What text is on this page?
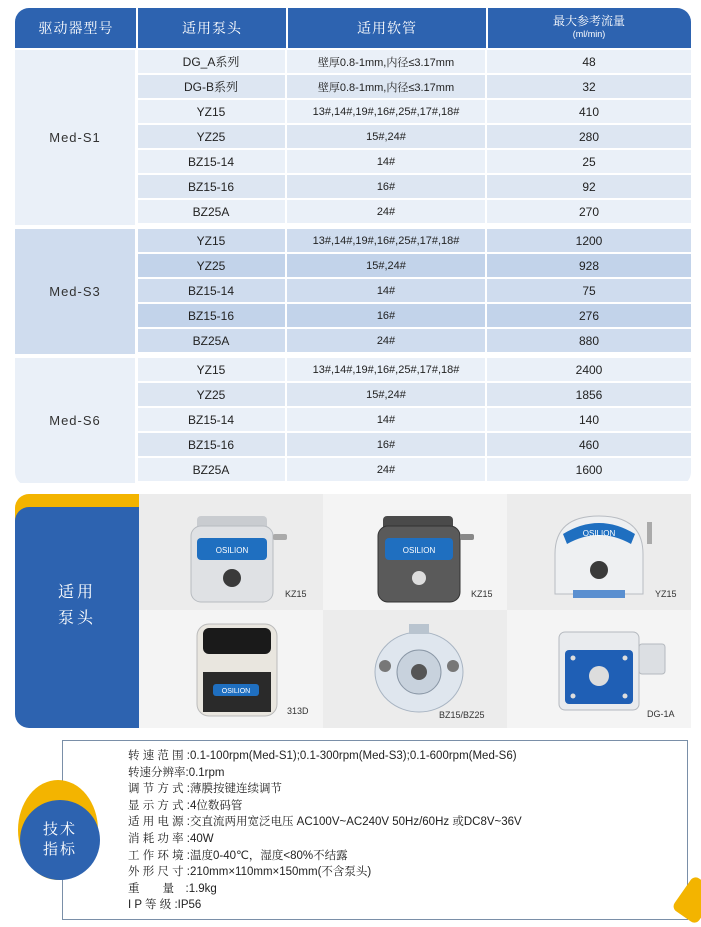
驱动器型号	适用泵头	适用软管	最大参考流量
(ml/min)
Med-S1
DG_A系列	壁厚0.8-1mm,内径≤3.17mm	48
DG-B系列	壁厚0.8-1mm,内径≤3.17mm	32
YZ15	13#,14#,19#,16#,25#,17#,18#	410
YZ25	15#,24#	280
BZ15-14	14#	25
BZ15-16	16#	92
BZ25A	24#	270
Med-S3
YZ15	13#,14#,19#,16#,25#,17#,18#	1200
YZ25	15#,24#	928
BZ15-14	14#	75
BZ15-16	16#	276
BZ25A	24#	880
Med-S6
YZ15	13#,14#,19#,16#,25#,17#,18#	2400
YZ25	15#,24#	1856
BZ15-14	14#	140
BZ15-16	16#	460
BZ25A	24#	1600
适用
泵头
OSILION
KZ15
OSILION
KZ15
OSILION
YZ15
OSILION
313D	BZ15/BZ25	DG-1A
技术
指标
转 速 范 围 :0.1-100rpm(Med-S1);0.1-300rpm(Med-S3);0.1-600rpm(Med-S6)
转速分辨率:0.1rpm
调 节 方 式 :薄膜按键连续调节
显 示 方 式 :4位数码管
适 用 电 源 :交直流两用宽泛电压 AC100V~AC240V 50Hz/60Hz 或DC8V~36V
消 耗 功 率 :40W
工 作 环 境 :温度0-40℃，湿度<80%不结露
外 形 尺 寸 :210mm×110mm×150mm(不含泵头)
重　　量　:1.9kg
I P 等 级 :IP56
